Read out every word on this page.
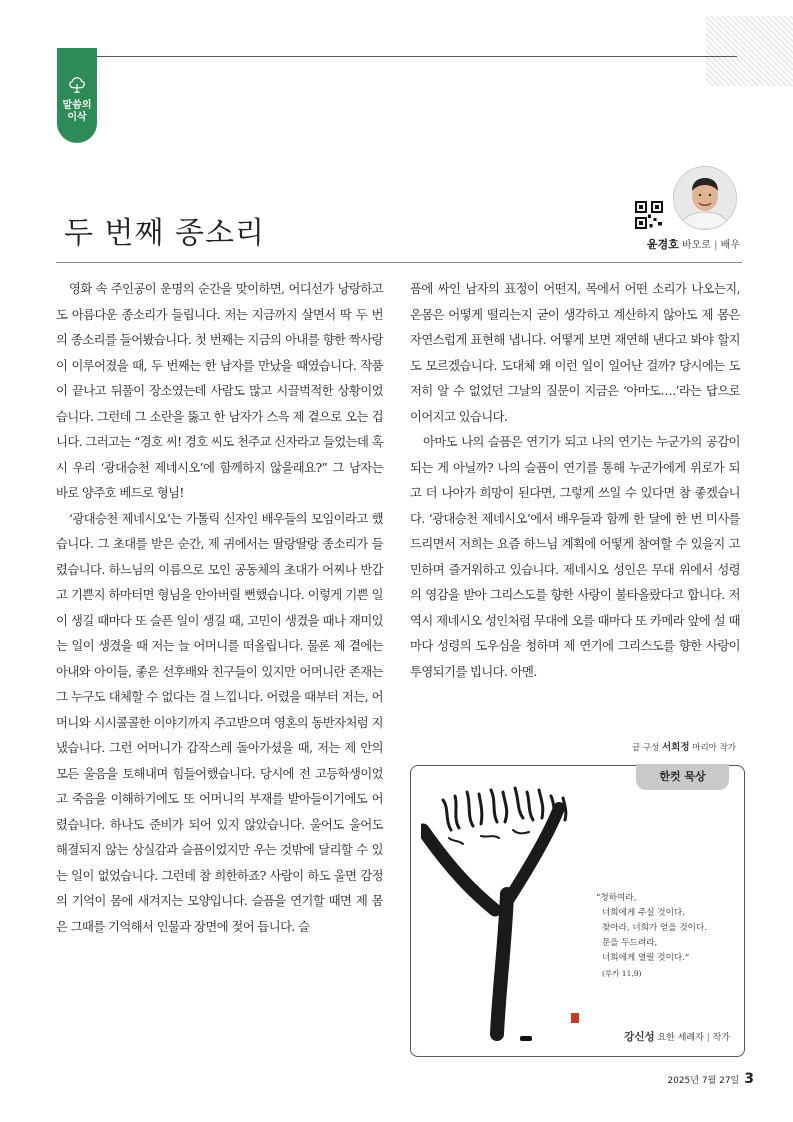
말씀의
이삭
두 번째 종소리	윤경호 바오로 | 배우

영화 속 주인공이 운명의 순간을 맞이하면, 어디선가 낭랑하고도 아름다운 종소리가 들립니다. 저는 지금까지 살면서 딱 두 번의 종소리를 들어봤습니다. 첫 번째는 지금의 아내를 향한 짝사랑이 이루어졌을 때, 두 번째는 한 남자를 만났을 때였습니다. 작품이 끝나고 뒤풀이 장소였는데 사람도 많고 시끌벅적한 상황이었습니다. 그런데 그 소란을 뚫고 한 남자가 스윽 제 곁으로 오는 겁니다. 그러고는 “경호 씨! 경호 씨도 천주교 신자라고 들었는데 혹시 우리 ‘광대승천 제네시오’에 함께하지 않을래요?” 그 남자는 바로 양주호 베드로 형님!

‘광대승천 제네시오’는 가톨릭 신자인 배우들의 모임이라고 했습니다. 그 초대를 받은 순간, 제 귀에서는 딸랑딸랑 종소리가 들렸습니다. 하느님의 이름으로 모인 공동체의 초대가 어찌나 반갑고 기쁜지 하마터면 형님을 안아버릴 뻔했습니다. 이렇게 기쁜 일이 생길 때마다 또 슬픈 일이 생길 때, 고민이 생겼을 때나 재미있는 일이 생겼을 때 저는 늘 어머니를 떠올립니다. 물론 제 곁에는 아내와 아이들, 좋은 선후배와 친구들이 있지만 어머니란 존재는 그 누구도 대체할 수 없다는 걸 느낍니다. 어렸을 때부터 저는, 어머니와 시시콜콜한 이야기까지 주고받으며 영혼의 동반자처럼 지냈습니다. 그런 어머니가 갑작스레 돌아가셨을 때, 저는 제 안의 모든 울음을 토해내며 힘들어했습니다. 당시에 전 고등학생이었고 죽음을 이해하기에도 또 어머니의 부재를 받아들이기에도 어렸습니다. 하나도 준비가 되어 있지 않았습니다. 울어도 울어도 해결되지 않는 상실감과 슬픔이었지만 우는 것밖에 달리할 수 있는 일이 없었습니다. 그런데 참 희한하죠? 사람이 하도 울면 감정의 기억이 몸에 새겨지는 모양입니다. 슬픔을 연기할 때면 제 몸은 그때를 기억해서 인물과 장면에 젖어 듭니다. 슬

픔에 싸인 남자의 표정이 어떤지, 목에서 어떤 소리가 나오는지, 온몸은 어떻게 떨리는지 굳이 생각하고 계산하지 않아도 제 몸은 자연스럽게 표현해 냅니다. 어떻게 보면 재연해 낸다고 봐야 할지도 모르겠습니다. 도대체 왜 이런 일이 일어난 걸까? 당시에는 도저히 알 수 없었던 그날의 질문이 지금은 ‘아마도….’라는 답으로 이어지고 있습니다.

아마도 나의 슬픔은 연기가 되고 나의 연기는 누군가의 공감이 되는 게 아닐까? 나의 슬픔이 연기를 통해 누군가에게 위로가 되고 더 나아가 희망이 된다면, 그렇게 쓰일 수 있다면 참 좋겠습니다. ‘광대승천 제네시오’에서 배우들과 함께 한 달에 한 번 미사를 드리면서 저희는 요즘 하느님 계획에 어떻게 참여할 수 있을지 고민하며 즐거워하고 있습니다. 제네시오 성인은 무대 위에서 성령의 영감을 받아 그리스도를 향한 사랑이 불타올랐다고 합니다. 저 역시 제네시오 성인처럼 무대에 오를 때마다 또 카메라 앞에 설 때마다 성령의 도우심을 청하며 제 연기에 그리스도를 향한 사랑이 투영되기를 빕니다. 아멘.

글 구성 서희정 마리아 작가
한컷 묵상
“청하여라,
너희에게 주실 것이다.
찾아라, 너희가 얻을 것이다.
문을 두드려라,
너희에게 열릴 것이다.”
(루카 11,9)
강신성 요한 세례자 | 작가
2025년 7월 27일 3
